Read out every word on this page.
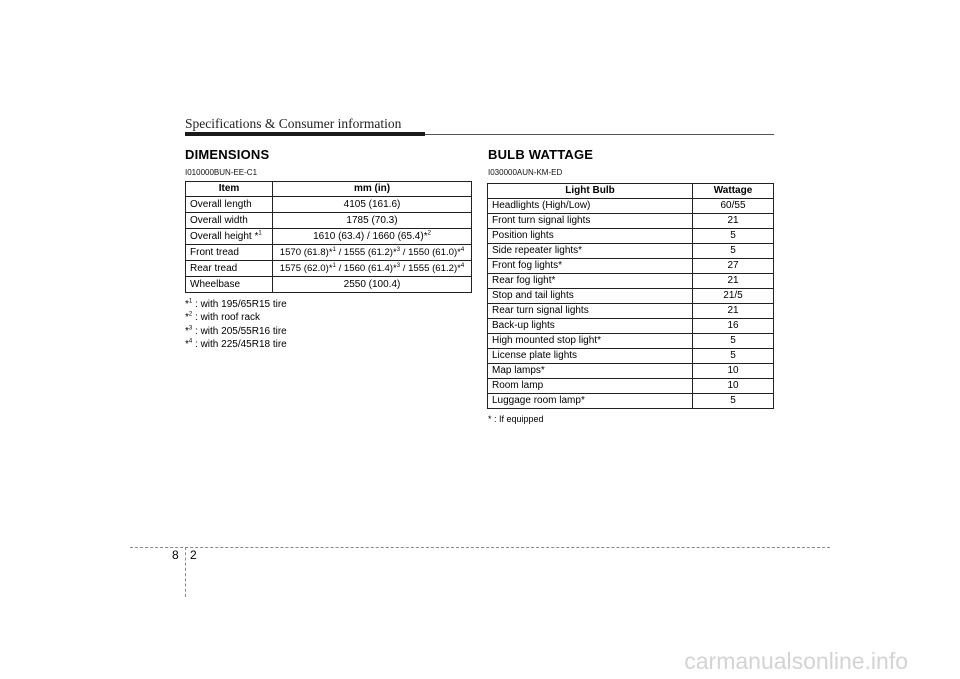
Specifications & Consumer information
DIMENSIONS
I010000BUN-EE-C1
Item	mm (in)
Overall length	4105 (161.6)
Overall width	1785 (70.3)
Overall height *$^1$	1610 (63.4) / 1660 (65.4)*$^2$
Front tread	1570 (61.8)*$^1$ / 1555 (61.2)*$^3$ / 1550 (61.0)*$^4$
Rear tread	1575 (62.0)*$^1$ / 1560 (61.4)*$^3$ / 1555 (61.2)*$^4$
Wheelbase	2550 (100.4)
*$^1$ : with 195/65R15 tire
*$^2$ : with roof rack
*$^3$ : with 205/55R16 tire
*$^4$ : with 225/45R18 tire
BULB WATTAGE
I030000AUN-KM-ED
Light Bulb	Wattage
Headlights (High/Low)	60/55
Front turn signal lights	21
Position lights	5
Side repeater lights*	5
Front fog lights*	27
Rear fog light*	21
Stop and tail lights	21/5
Rear turn signal lights	21
Back-up lights	16
High mounted stop light*	5
License plate lights	5
Map lamps*	10
Room lamp	10
Luggage room lamp*	5
* : If equipped
8 2
carmanualsonline.info
